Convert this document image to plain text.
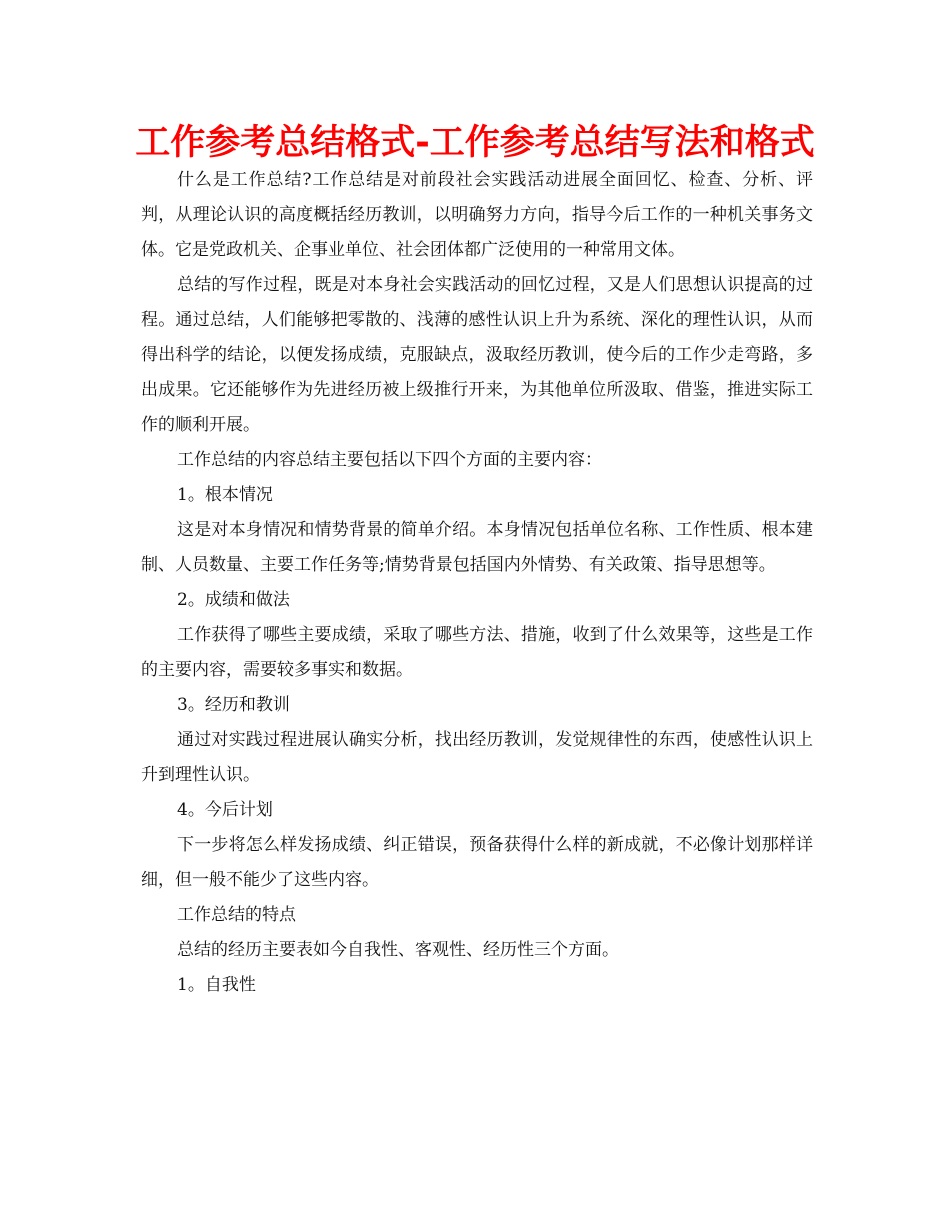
工作参考总结格式-工作参考总结写法和格式

什么是工作总结?工作总结是对前段社会实践活动进展全面回忆、检查、分析、评判，从理论认识的高度概括经历教训，以明确努力方向，指导今后工作的一种机关事务文体。它是党政机关、企事业单位、社会团体都广泛使用的一种常用文体。

总结的写作过程，既是对本身社会实践活动的回忆过程，又是人们思想认识提高的过程。通过总结，人们能够把零散的、浅薄的感性认识上升为系统、深化的理性认识，从而得出科学的结论，以便发扬成绩，克服缺点，汲取经历教训，使今后的工作少走弯路，多出成果。它还能够作为先进经历被上级推行开来，为其他单位所汲取、借鉴，推进实际工作的顺利开展。

工作总结的内容总结主要包括以下四个方面的主要内容：

1。根本情况

这是对本身情况和情势背景的简单介绍。本身情况包括单位名称、工作性质、根本建制、人员数量、主要工作任务等;情势背景包括国内外情势、有关政策、指导思想等。

2。成绩和做法

工作获得了哪些主要成绩，采取了哪些方法、措施，收到了什么效果等，这些是工作的主要内容，需要较多事实和数据。

3。经历和教训

通过对实践过程进展认确实分析，找出经历教训，发觉规律性的东西，使感性认识上升到理性认识。

4。今后计划

下一步将怎么样发扬成绩、纠正错误，预备获得什么样的新成就，不必像计划那样详细，但一般不能少了这些内容。

工作总结的特点

总结的经历主要表如今自我性、客观性、经历性三个方面。

1。自我性
